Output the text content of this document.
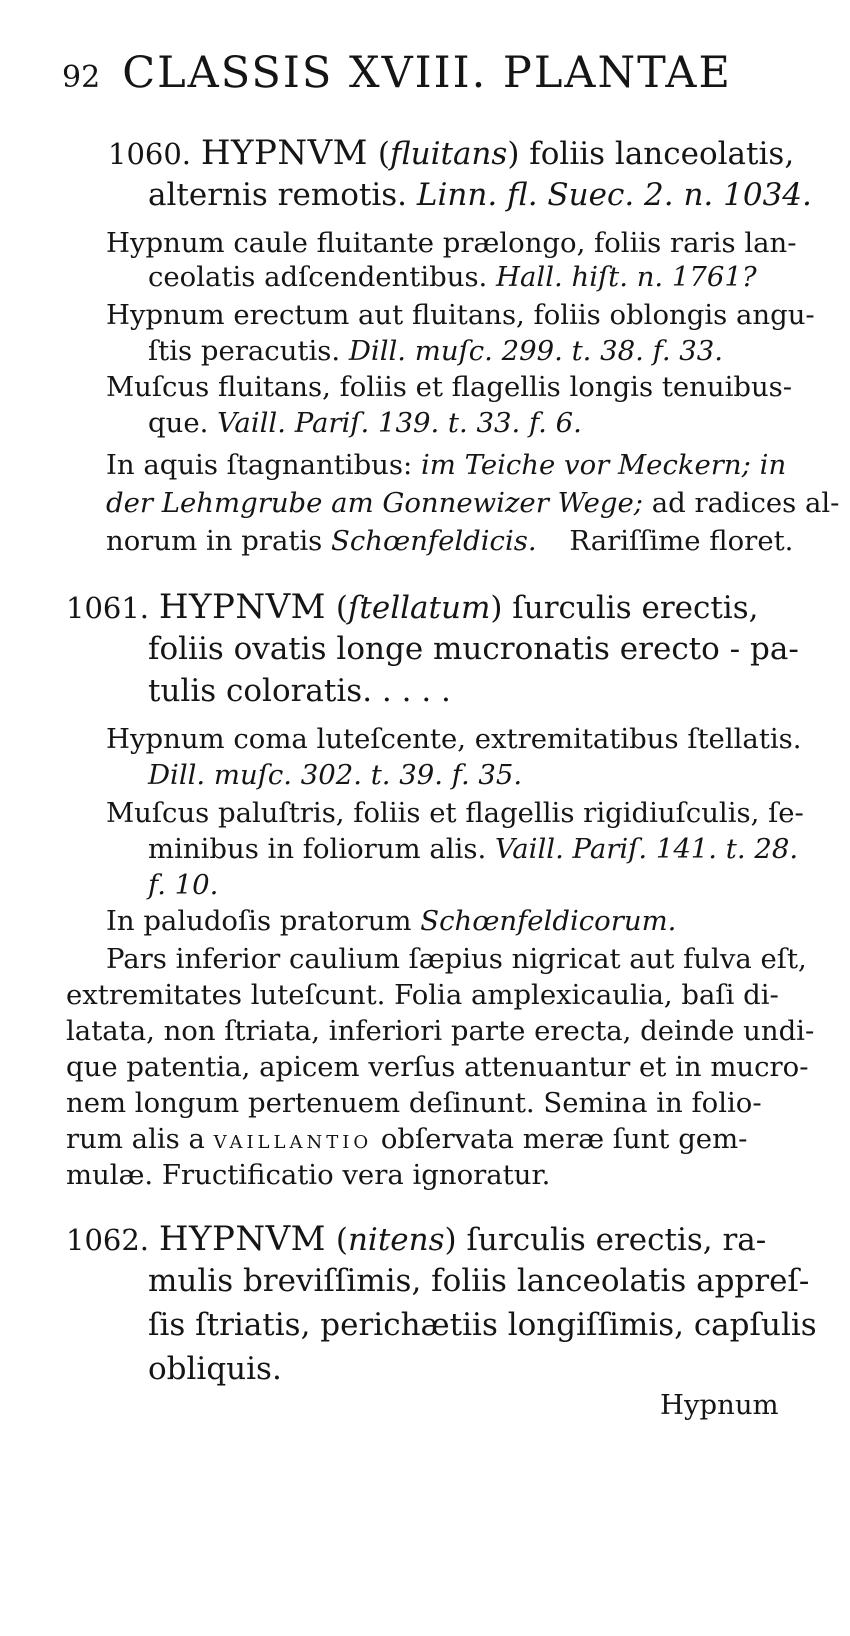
92 CLASSIS XVIII. PLANTAE
1060. HYPNVM (fluitans) foliis lanceolatis,
alternis remotis. Linn. fl. Suec. 2. n. 1034.
Hypnum caule fluitante prælongo, foliis raris lan-
ceolatis adſcendentibus. Hall. hiſt. n. 1761?
Hypnum erectum aut fluitans, foliis oblongis angu-
ſtis peracutis. Dill. muſc. 299. t. 38. f. 33.
Muſcus fluitans, foliis et flagellis longis tenuibus-
que. Vaill. Pariſ. 139. t. 33. f. 6.
In aquis ſtagnantibus: im Teiche vor Meckern; in
der Lehmgrube am Gonnewizer Wege; ad radices al-
norum in pratis Schœnfeldicis. Rariſſime floret.
1061. HYPNVM (ſtellatum) ſurculis erectis,
foliis ovatis longe mucronatis erecto - pa-
tulis coloratis. . . . .
Hypnum coma luteſcente, extremitatibus ſtellatis.
Dill. muſc. 302. t. 39. f. 35.
Muſcus paluſtris, foliis et flagellis rigidiuſculis, ſe-
minibus in foliorum alis. Vaill. Pariſ. 141. t. 28.
f. 10.
In paludoſis pratorum Schœnfeldicorum.
Pars inferior caulium ſæpius nigricat aut fulva eſt,
extremitates luteſcunt. Folia amplexicaulia, baſi di-
latata, non ſtriata, inferiori parte erecta, deinde undi-
que patentia, apicem verſus attenuantur et in mucro-
nem longum pertenuem deſinunt. Semina in folio-
rum alis a VAILLANTIO obſervata meræ ſunt gem-
mulæ. Fructificatio vera ignoratur.
1062. HYPNVM (nitens) ſurculis erectis, ra-
mulis breviſſimis, foliis lanceolatis appreſ-
ſis ſtriatis, perichætiis longiſſimis, capſulis
obliquis.
Hypnum
